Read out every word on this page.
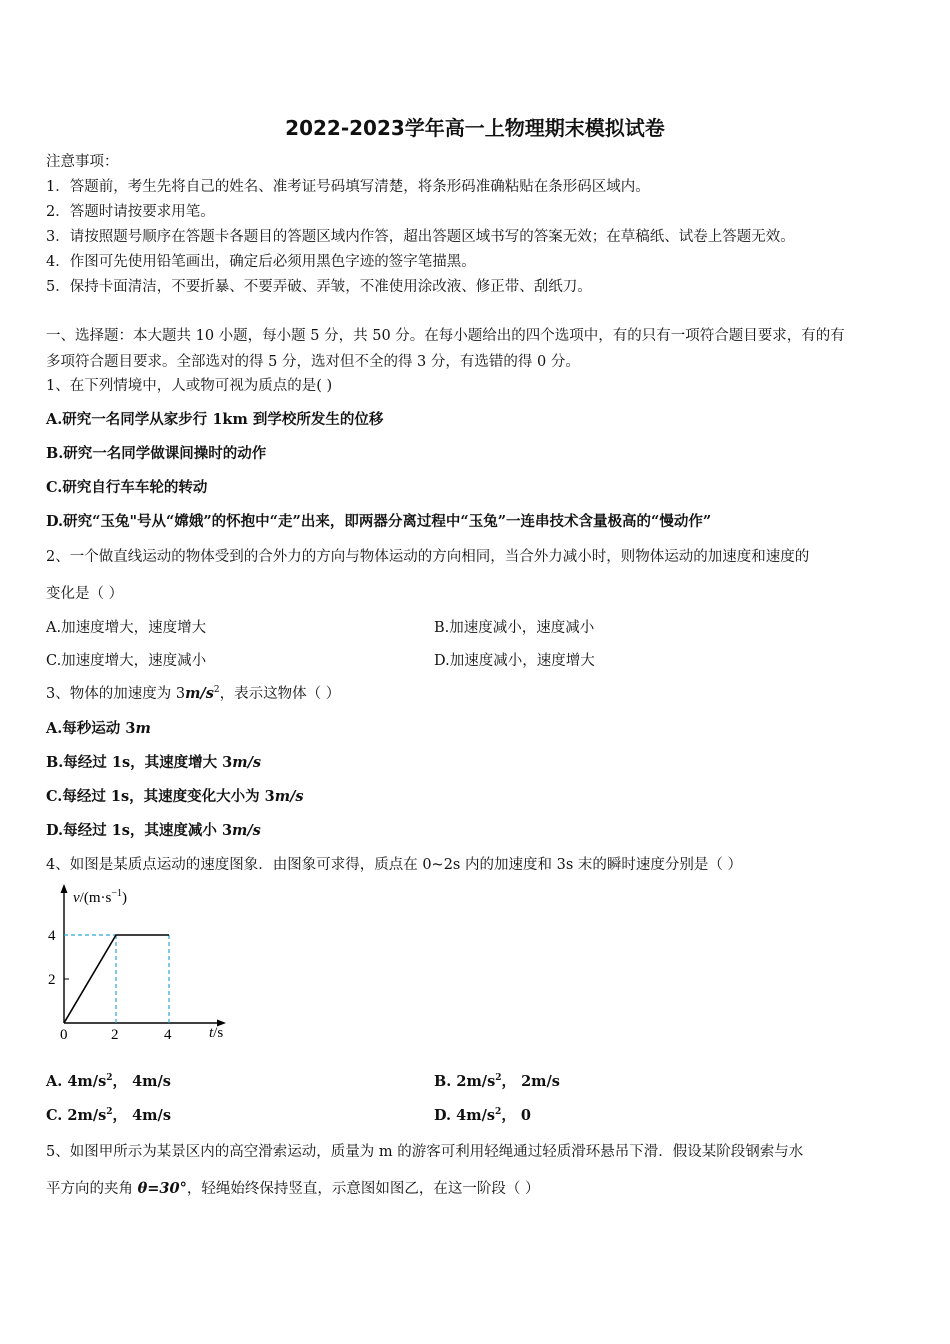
2022-2023学年高一上物理期末模拟试卷
注意事项：
1．答题前，考生先将自己的姓名、准考证号码填写清楚，将条形码准确粘贴在条形码区域内。
2．答题时请按要求用笔。
3．请按照题号顺序在答题卡各题目的答题区域内作答，超出答题区域书写的答案无效；在草稿纸、试卷上答题无效。
4．作图可先使用铅笔画出，确定后必须用黑色字迹的签字笔描黑。
5．保持卡面清洁，不要折暴、不要弄破、弄皱，不准使用涂改液、修正带、刮纸刀。
一、选择题：本大题共 10 小题，每小题 5 分，共 50 分。在每小题给出的四个选项中，有的只有一项符合题目要求，有的有
多项符合题目要求。全部选对的得 5 分，选对但不全的得 3 分，有选错的得 0 分。
1、在下列情境中，人或物可视为质点的是( )
A.研究一名同学从家步行 1km 到学校所发生的位移
B.研究一名同学做课间操时的动作
C.研究自行车车轮的转动
D.研究“玉兔"号从“嫦娥”的怀抱中“走”出来，即两器分离过程中“玉兔”一连串技术含量极高的“慢动作”
2、一个做直线运动的物体受到的合外力的方向与物体运动的方向相同，当合外力减小时，则物体运动的加速度和速度的
变化是（ ）
A.加速度增大，速度增大	B.加速度减小，速度减小
C.加速度增大，速度减小	D.加速度减小，速度增大
3、物体的加速度为 $3m/s^2$，表示这物体（ ）
A.每秒运动 3m
B.每经过 1s，其速度增大 3m/s
C.每经过 1s，其速度变化大小为 3m/s
D.每经过 1s，其速度减小 3m/s
4、如图是某质点运动的速度图象．由图象可求得，质点在 0~2s 内的加速度和 3s 末的瞬时速度分别是（ ）
$v/(m\cdot s^{-1})$
4
2
0	2	4	t/s
A. $4m/s^2$， 4m/s	B. $2m/s^2$， 2m/s
C. $2m/s^2$， 4m/s	D. $4m/s^2$， 0
5、如图甲所示为某景区内的高空滑索运动，质量为 m 的游客可利用轻绳通过轻质滑环悬吊下滑．假设某阶段钢索与水
平方向的夹角 θ=30°，轻绳始终保持竖直，示意图如图乙，在这一阶段（ ）
